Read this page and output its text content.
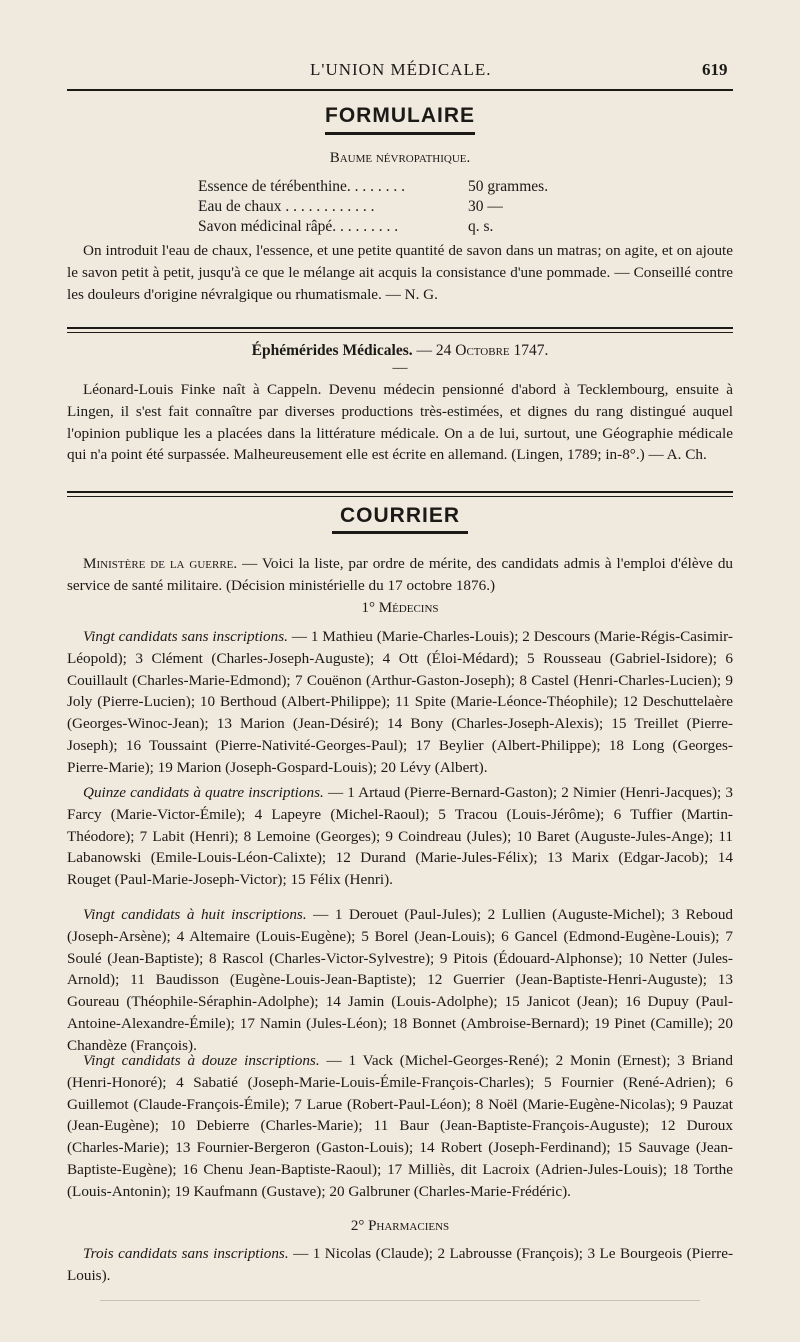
L'UNION MÉDICALE.	619
FORMULAIRE
Baume névropathique.
Essence de térébenthine. . . . . . . .	50 grammes.
Eau de chaux . . . . . . . . . . . .	30 —
Savon médicinal râpé. . . . . . . . .	q. s.
On introduit l'eau de chaux, l'essence, et une petite quantité de savon dans un matras; on agite, et on ajoute le savon petit à petit, jusqu'à ce que le mélange ait acquis la consistance d'une pommade. — Conseillé contre les douleurs d'origine névralgique ou rhumatismale. — N. G.
Éphémérides Médicales. — 24 Octobre 1747.
—
Léonard-Louis Finke naît à Cappeln. Devenu médecin pensionné d'abord à Tecklembourg, ensuite à Lingen, il s'est fait connaître par diverses productions très-estimées, et dignes du rang distingué auquel l'opinion publique les a placées dans la littérature médicale. On a de lui, surtout, une Géographie médicale qui n'a point été surpassée. Malheureusement elle est écrite en allemand. (Lingen, 1789; in-8°.) — A. Ch.
COURRIER
Ministère de la guerre. — Voici la liste, par ordre de mérite, des candidats admis à l'emploi d'élève du service de santé militaire. (Décision ministérielle du 17 octobre 1876.)
1° Médecins
Vingt candidats sans inscriptions. — 1 Mathieu (Marie-Charles-Louis); 2 Descours (Marie-Régis-Casimir-Léopold); 3 Clément (Charles-Joseph-Auguste); 4 Ott (Éloi-Médard); 5 Rousseau (Gabriel-Isidore); 6 Couillault (Charles-Marie-Edmond); 7 Couënon (Arthur-Gaston-Joseph); 8 Castel (Henri-Charles-Lucien); 9 Joly (Pierre-Lucien); 10 Berthoud (Albert-Philippe); 11 Spite (Marie-Léonce-Théophile); 12 Deschuttelaère (Georges-Winoc-Jean); 13 Marion (Jean-Désiré); 14 Bony (Charles-Joseph-Alexis); 15 Treillet (Pierre-Joseph); 16 Toussaint (Pierre-Nativité-Georges-Paul); 17 Beylier (Albert-Philippe); 18 Long (Georges-Pierre-Marie); 19 Marion (Joseph-Gospard-Louis); 20 Lévy (Albert).
Quinze candidats à quatre inscriptions. — 1 Artaud (Pierre-Bernard-Gaston); 2 Nimier (Henri-Jacques); 3 Farcy (Marie-Victor-Émile); 4 Lapeyre (Michel-Raoul); 5 Tracou (Louis-Jérôme); 6 Tuffier (Martin-Théodore); 7 Labit (Henri); 8 Lemoine (Georges); 9 Coindreau (Jules); 10 Baret (Auguste-Jules-Ange); 11 Labanowski (Emile-Louis-Léon-Calixte); 12 Durand (Marie-Jules-Félix); 13 Marix (Edgar-Jacob); 14 Rouget (Paul-Marie-Joseph-Victor); 15 Félix (Henri).
Vingt candidats à huit inscriptions. — 1 Derouet (Paul-Jules); 2 Lullien (Auguste-Michel); 3 Reboud (Joseph-Arsène); 4 Altemaire (Louis-Eugène); 5 Borel (Jean-Louis); 6 Gancel (Edmond-Eugène-Louis); 7 Soulé (Jean-Baptiste); 8 Rascol (Charles-Victor-Sylvestre); 9 Pitois (Édouard-Alphonse); 10 Netter (Jules-Arnold); 11 Baudisson (Eugène-Louis-Jean-Baptiste); 12 Guerrier (Jean-Baptiste-Henri-Auguste); 13 Goureau (Théophile-Séraphin-Adolphe); 14 Jamin (Louis-Adolphe); 15 Janicot (Jean); 16 Dupuy (Paul-Antoine-Alexandre-Émile); 17 Namin (Jules-Léon); 18 Bonnet (Ambroise-Bernard); 19 Pinet (Camille); 20 Chandèze (François).
Vingt candidats à douze inscriptions. — 1 Vack (Michel-Georges-René); 2 Monin (Ernest); 3 Briand (Henri-Honoré); 4 Sabatié (Joseph-Marie-Louis-Émile-François-Charles); 5 Fournier (René-Adrien); 6 Guillemot (Claude-François-Émile); 7 Larue (Robert-Paul-Léon); 8 Noël (Marie-Eugène-Nicolas); 9 Pauzat (Jean-Eugène); 10 Debierre (Charles-Marie); 11 Baur (Jean-Baptiste-François-Auguste); 12 Duroux (Charles-Marie); 13 Fournier-Bergeron (Gaston-Louis); 14 Robert (Joseph-Ferdinand); 15 Sauvage (Jean-Baptiste-Eugène); 16 Chenu Jean-Baptiste-Raoul); 17 Milliès, dit Lacroix (Adrien-Jules-Louis); 18 Torthe (Louis-Antonin); 19 Kaufmann (Gustave); 20 Galbruner (Charles-Marie-Frédéric).
2° Pharmaciens
Trois candidats sans inscriptions. — 1 Nicolas (Claude); 2 Labrousse (François); 3 Le Bourgeois (Pierre-Louis).
